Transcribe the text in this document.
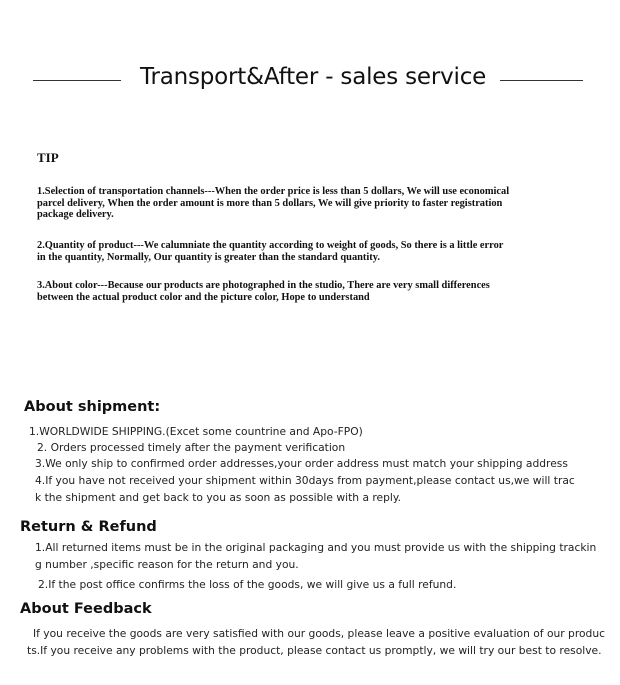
Transport&After - sales service
TIP
1.Selection of transportation channels---When the order price is less than 5 dollars, We will use economical
parcel delivery, When the order amount is more than 5 dollars, We will give priority to faster registration
package delivery.
2.Quantity of product---We calumniate the quantity according to weight of goods, So there is a little error
in the quantity, Normally, Our quantity is greater than the standard quantity.
3.About color---Because our products are photographed in the studio, There are very small differences
between the actual product color and the picture color, Hope to understand
About shipment:
1.WORLDWIDE SHIPPING.(Excet some countrine and Apo-FPO)
2. Orders processed timely after the payment verification
3.We only ship to confirmed order addresses,your order address must match your shipping address
4.If you have not received your shipment within 30days from payment,please contact us,we will trac
k the shipment and get back to you as soon as possible with a reply.
Return & Refund
1.All returned items must be in the original packaging and you must provide us with the shipping trackin
g number ,specific reason for the return and you.
2.If the post office confirms the loss of the goods, we will give us a full refund.
About Feedback
If you receive the goods are very satisfied with our goods, please leave a positive evaluation of our produc
ts.If you receive any problems with the product, please contact us promptly, we will try our best to resolve.
